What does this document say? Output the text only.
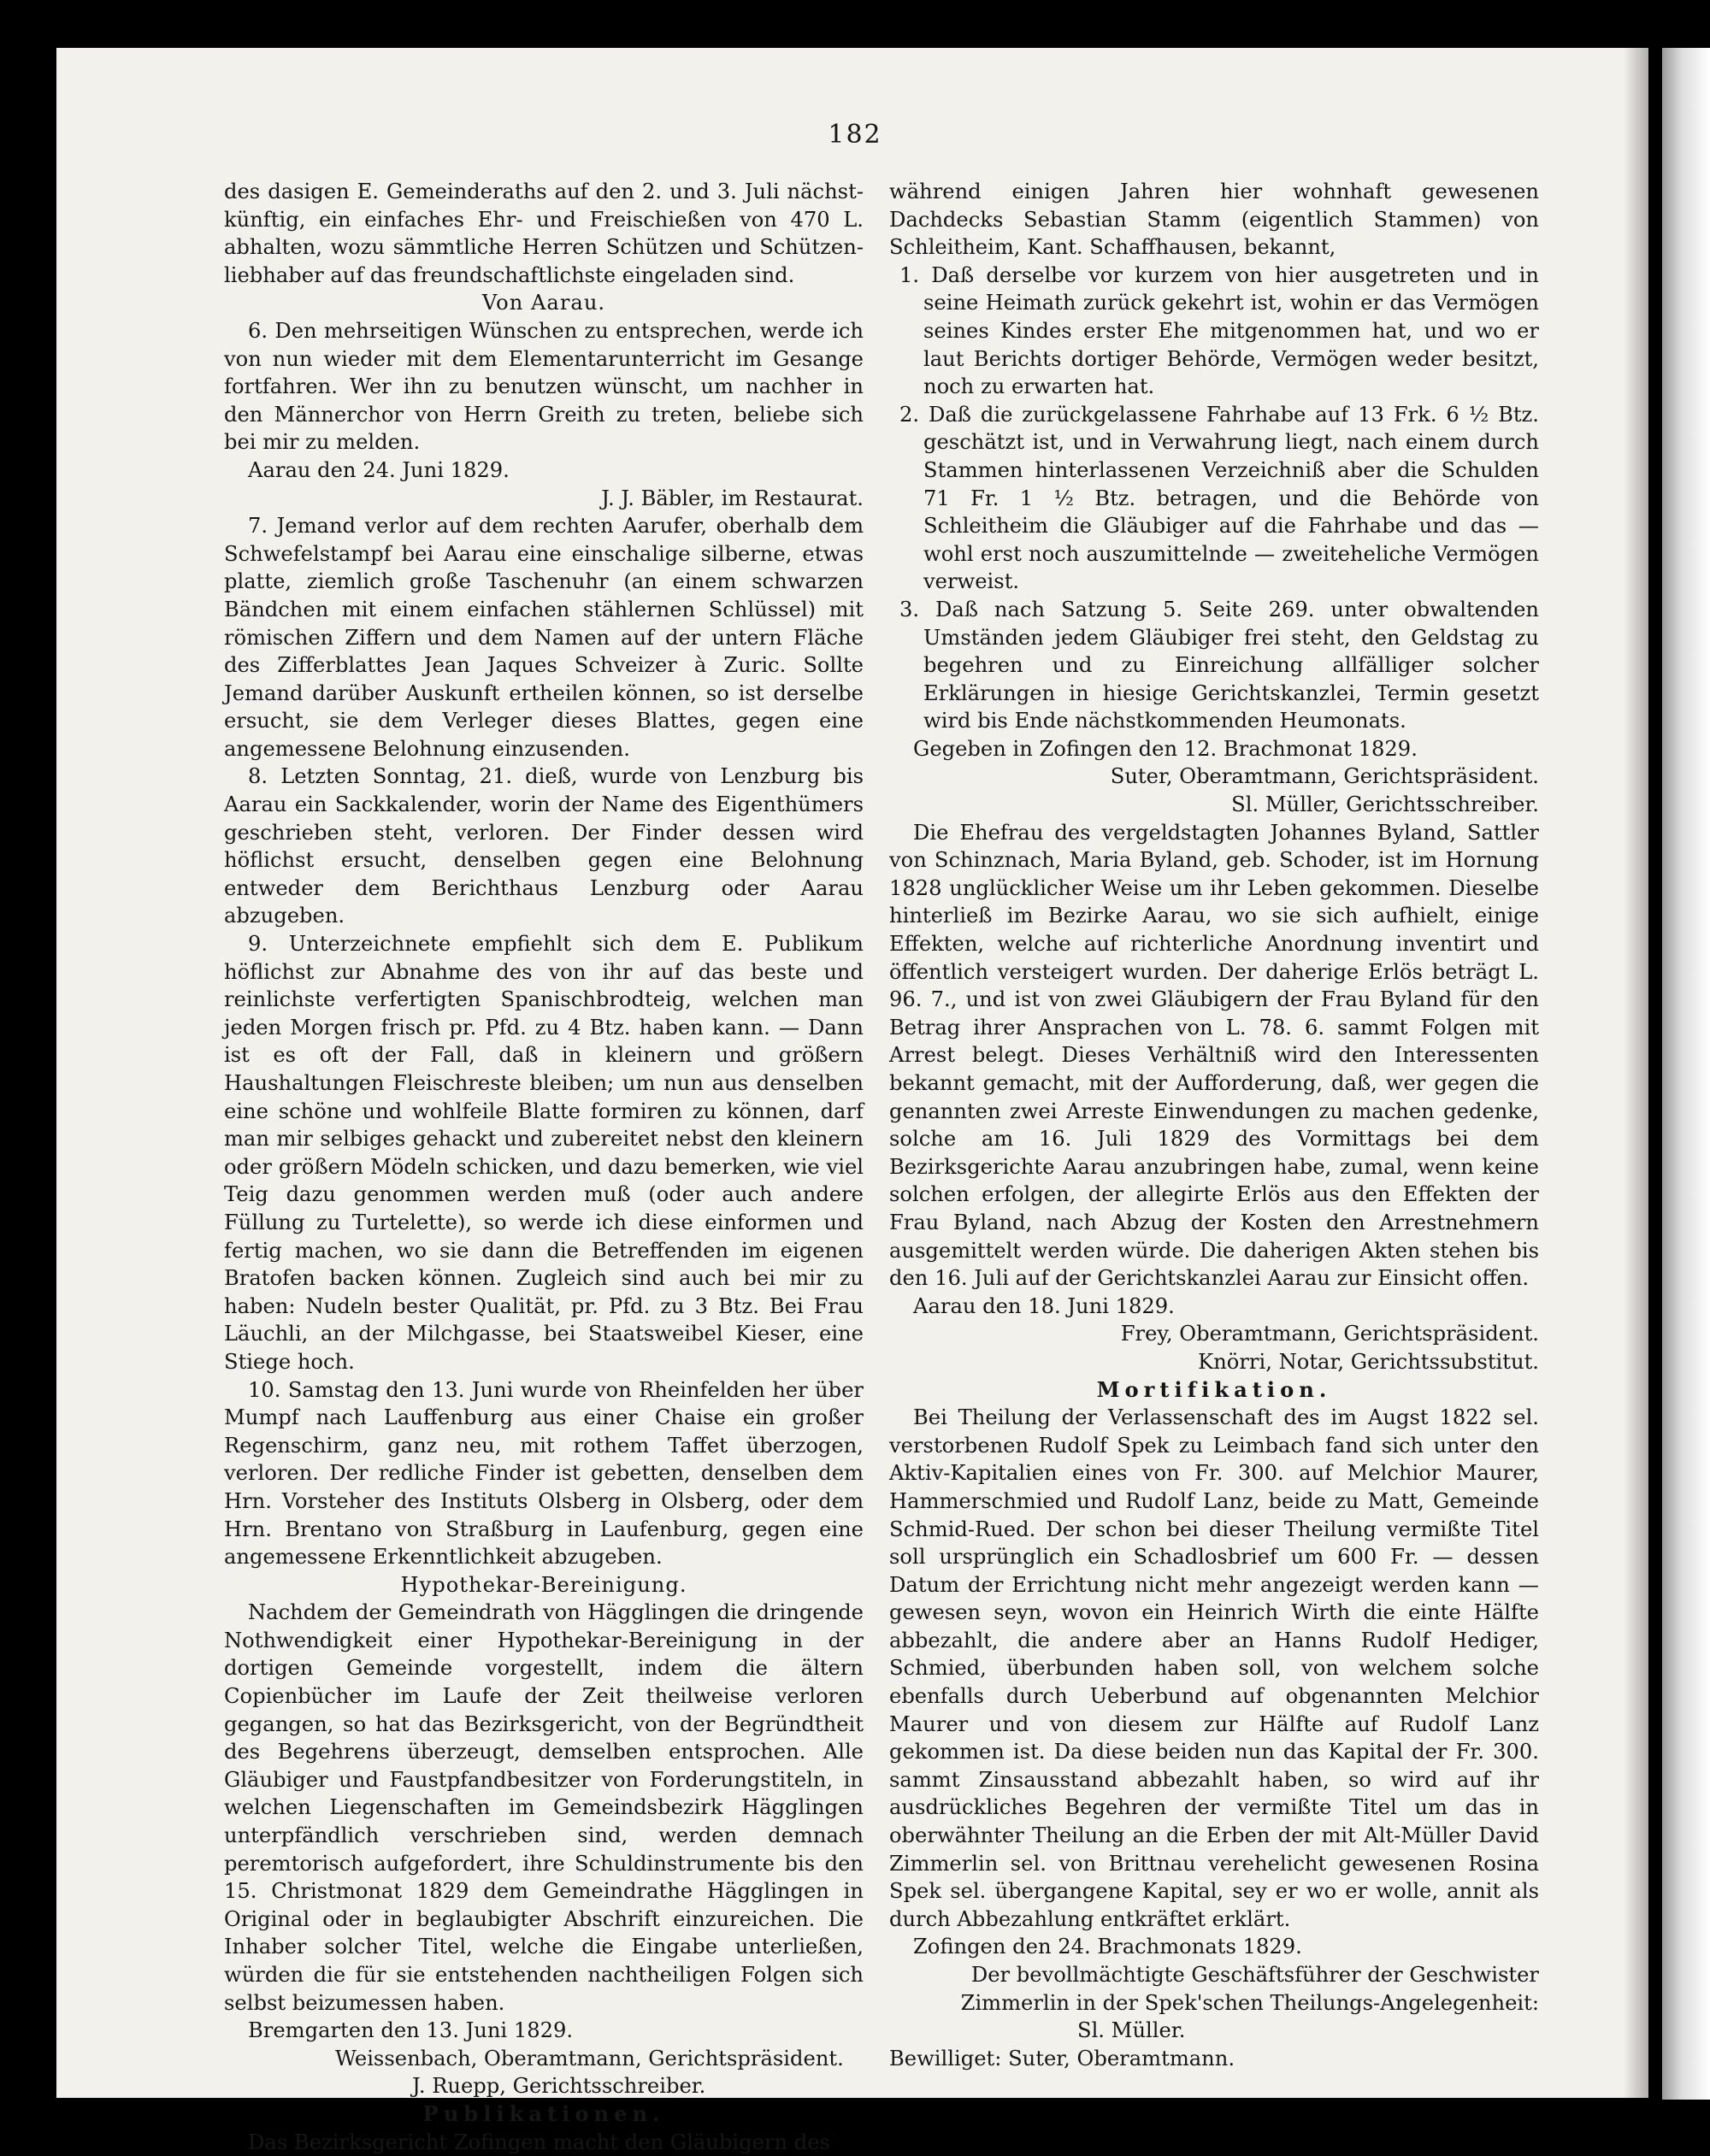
182

des dasigen E. Gemeinderaths auf den 2. und 3. Juli nächst-künftig, ein einfaches Ehr- und Freischießen von 470 L. abhalten, wozu sämmtliche Herren Schützen und Schützen-liebhaber auf das freundschaftlichste eingeladen sind.

Von Aarau.

6. Den mehrseitigen Wünschen zu entsprechen, werde ich von nun wieder mit dem Elementarunterricht im Gesange fortfahren. Wer ihn zu benutzen wünscht, um nachher in den Männerchor von Herrn Greith zu treten, beliebe sich bei mir zu melden.

Aarau den 24. Juni 1829.

J. J. Bäbler, im Restaurat.

7. Jemand verlor auf dem rechten Aarufer, oberhalb dem Schwefelstampf bei Aarau eine einschalige silberne, etwas platte, ziemlich große Taschenuhr (an einem schwarzen Bändchen mit einem einfachen stählernen Schlüssel) mit römischen Ziffern und dem Namen auf der untern Fläche des Zifferblattes Jean Jaques Schveizer à Zuric. Sollte Jemand darüber Auskunft ertheilen können, so ist derselbe ersucht, sie dem Verleger dieses Blattes, gegen eine angemessene Belohnung einzusenden.

8. Letzten Sonntag, 21. dieß, wurde von Lenzburg bis Aarau ein Sackkalender, worin der Name des Eigenthümers geschrieben steht, verloren. Der Finder dessen wird höflichst ersucht, denselben gegen eine Belohnung entweder dem Berichthaus Lenzburg oder Aarau abzugeben.

9. Unterzeichnete empfiehlt sich dem E. Publikum höflichst zur Abnahme des von ihr auf das beste und reinlichste verfertigten Spanischbrodteig, welchen man jeden Morgen frisch pr. Pfd. zu 4 Btz. haben kann. — Dann ist es oft der Fall, daß in kleinern und größern Haushaltungen Fleischreste bleiben; um nun aus denselben eine schöne und wohlfeile Blatte formiren zu können, darf man mir selbiges gehackt und zubereitet nebst den kleinern oder größern Mödeln schicken, und dazu bemerken, wie viel Teig dazu genommen werden muß (oder auch andere Füllung zu Turtelette), so werde ich diese einformen und fertig machen, wo sie dann die Betreffenden im eigenen Bratofen backen können. Zugleich sind auch bei mir zu haben: Nudeln bester Qualität, pr. Pfd. zu 3 Btz. Bei Frau Läuchli, an der Milchgasse, bei Staatsweibel Kieser, eine Stiege hoch.

10. Samstag den 13. Juni wurde von Rheinfelden her über Mumpf nach Lauffenburg aus einer Chaise ein großer Regenschirm, ganz neu, mit rothem Taffet überzogen, verloren. Der redliche Finder ist gebetten, denselben dem Hrn. Vorsteher des Instituts Olsberg in Olsberg, oder dem Hrn. Brentano von Straßburg in Laufenburg, gegen eine angemessene Erkenntlichkeit abzugeben.

Hypothekar-Bereinigung.

Nachdem der Gemeindrath von Hägglingen die dringende Nothwendigkeit einer Hypothekar-Bereinigung in der dortigen Gemeinde vorgestellt, indem die ältern Copienbücher im Laufe der Zeit theilweise verloren gegangen, so hat das Bezirksgericht, von der Begründtheit des Begehrens überzeugt, demselben entsprochen. Alle Gläubiger und Faustpfandbesitzer von Forderungstiteln, in welchen Liegenschaften im Gemeindsbezirk Hägglingen unterpfändlich verschrieben sind, werden demnach peremtorisch aufgefordert, ihre Schuldinstrumente bis den 15. Christmonat 1829 dem Gemeindrathe Hägglingen in Original oder in beglaubigter Abschrift einzureichen. Die Inhaber solcher Titel, welche die Eingabe unterließen, würden die für sie entstehenden nachtheiligen Folgen sich selbst beizumessen haben.

Bremgarten den 13. Juni 1829.

Weissenbach, Oberamtmann, Gerichtspräsident.

J. Ruepp, Gerichtsschreiber.

Publikationen.

Das Bezirksgericht Zofingen macht den Gläubigern des

während einigen Jahren hier wohnhaft gewesenen Dachdecks Sebastian Stamm (eigentlich Stammen) von Schleitheim, Kant. Schaffhausen, bekannt,

1. Daß derselbe vor kurzem von hier ausgetreten und in seine Heimath zurück gekehrt ist, wohin er das Vermögen seines Kindes erster Ehe mitgenommen hat, und wo er laut Berichts dortiger Behörde, Vermögen weder besitzt, noch zu erwarten hat.

2. Daß die zurückgelassene Fahrhabe auf 13 Frk. 6 ½ Btz. geschätzt ist, und in Verwahrung liegt, nach einem durch Stammen hinterlassenen Verzeichniß aber die Schulden 71 Fr. 1 ½ Btz. betragen, und die Behörde von Schleitheim die Gläubiger auf die Fahrhabe und das — wohl erst noch auszumittelnde — zweiteheliche Vermögen verweist.

3. Daß nach Satzung 5. Seite 269. unter obwaltenden Umständen jedem Gläubiger frei steht, den Geldstag zu begehren und zu Einreichung allfälliger solcher Erklärungen in hiesige Gerichtskanzlei, Termin gesetzt wird bis Ende nächstkommenden Heumonats.

Gegeben in Zofingen den 12. Brachmonat 1829.

Suter, Oberamtmann, Gerichtspräsident.

Sl. Müller, Gerichtsschreiber.

Die Ehefrau des vergeldstagten Johannes Byland, Sattler von Schinznach, Maria Byland, geb. Schoder, ist im Hornung 1828 unglücklicher Weise um ihr Leben gekommen. Dieselbe hinterließ im Bezirke Aarau, wo sie sich aufhielt, einige Effekten, welche auf richterliche Anordnung inventirt und öffentlich versteigert wurden. Der daherige Erlös beträgt L. 96. 7., und ist von zwei Gläubigern der Frau Byland für den Betrag ihrer Ansprachen von L. 78. 6. sammt Folgen mit Arrest belegt. Dieses Verhältniß wird den Interessenten bekannt gemacht, mit der Aufforderung, daß, wer gegen die genannten zwei Arreste Einwendungen zu machen gedenke, solche am 16. Juli 1829 des Vormittags bei dem Bezirksgerichte Aarau anzubringen habe, zumal, wenn keine solchen erfolgen, der allegirte Erlös aus den Effekten der Frau Byland, nach Abzug der Kosten den Arrestnehmern ausgemittelt werden würde. Die daherigen Akten stehen bis den 16. Juli auf der Gerichtskanzlei Aarau zur Einsicht offen.

Aarau den 18. Juni 1829.

Frey, Oberamtmann, Gerichtspräsident.

Knörri, Notar, Gerichtssubstitut.

Mortifikation.

Bei Theilung der Verlassenschaft des im Augst 1822 sel. verstorbenen Rudolf Spek zu Leimbach fand sich unter den Aktiv-Kapitalien eines von Fr. 300. auf Melchior Maurer, Hammerschmied und Rudolf Lanz, beide zu Matt, Gemeinde Schmid-Rued. Der schon bei dieser Theilung vermißte Titel soll ursprünglich ein Schadlosbrief um 600 Fr. — dessen Datum der Errichtung nicht mehr angezeigt werden kann — gewesen seyn, wovon ein Heinrich Wirth die einte Hälfte abbezahlt, die andere aber an Hanns Rudolf Hediger, Schmied, überbunden haben soll, von welchem solche ebenfalls durch Ueberbund auf obgenannten Melchior Maurer und von diesem zur Hälfte auf Rudolf Lanz gekommen ist. Da diese beiden nun das Kapital der Fr. 300. sammt Zinsausstand abbezahlt haben, so wird auf ihr ausdrückliches Begehren der vermißte Titel um das in oberwähnter Theilung an die Erben der mit Alt-Müller David Zimmerlin sel. von Brittnau verehelicht gewesenen Rosina Spek sel. übergangene Kapital, sey er wo er wolle, annit als durch Abbezahlung entkräftet erklärt.

Zofingen den 24. Brachmonats 1829.

Der bevollmächtigte Geschäftsführer der Geschwister Zimmerlin in der Spek'schen Theilungs-Angelegenheit:

Sl. Müller.

Bewilliget: Suter, Oberamtmann.
